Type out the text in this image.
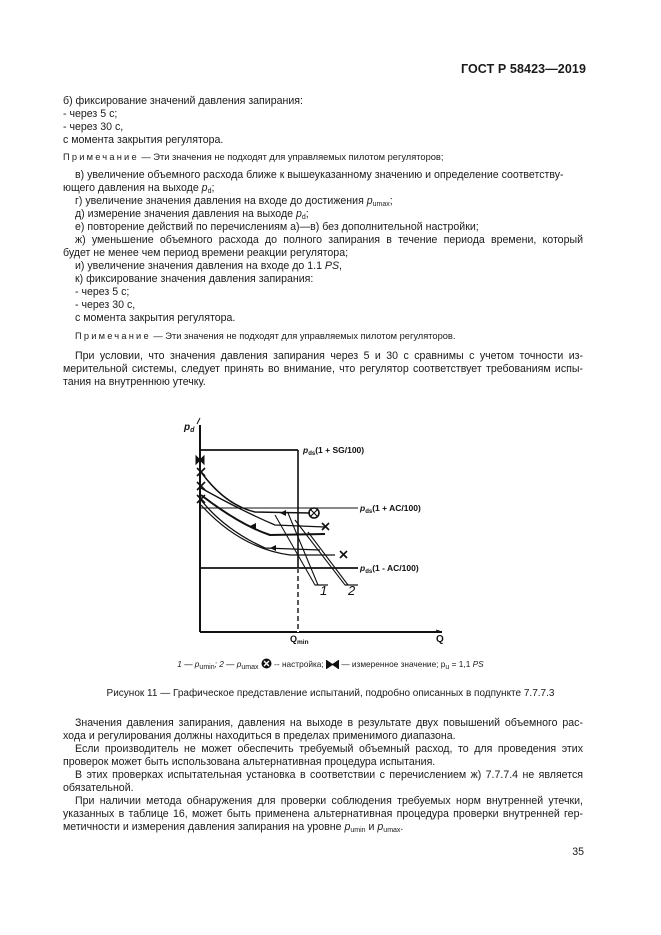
ГОСТ Р 58423—2019
б) фиксирование значений давления запирания:
- через 5 с;
- через 30 с,
с момента закрытия регулятора.
Примечание — Эти значения не подходят для управляемых пилотом регуляторов;
в) увеличение объемного расхода ближе к вышеуказанному значению и определение соответству-
ющего давления на выходе $p_d$;
г) увеличение значения давления на входе до достижения $p_{umax}$;
д) измерение значения давления на выходе $p_d$;
е) повторение действий по перечислениям а)—в) без дополнительной настройки;
ж) уменьшение объемного расхода до полного запирания в течение периода времени, который
будет не менее чем период времени реакции регулятора;
и) увеличение значения давления на входе до 1.1 PS,
к) фиксирование значения давления запирания:
- через 5 с;
- через 30 с,
с момента закрытия регулятора.
Примечание — Эти значения не подходят для управляемых пилотом регуляторов.
При условии, что значения давления запирания через 5 и 30 с сравнимы с учетом точности из-
мерительной системы, следует принять во внимание, что регулятор соответствует требованиям испы-
тания на внутреннюю утечку.
$p_d$
$p_{ds}(1 + SG/100)$
$p_{ds}(1 + AC/100)$
$p_{ds}(1 - AC/100)$
1 2
$Q_{min}$	Q
1 — $p_{umin}$; 2 — $p_{umax}$ -- настройка; — измеренное значение; $p_u = 1,1$ PS
Рисунок 11 — Графическое представление испытаний, подробно описанных в подпункте 7.7.7.3
Значения давления запирания, давления на выходе в результате двух повышений объемного рас-
хода и регулирования должны находиться в пределах применимого диапазона.
Если производитель не может обеспечить требуемый объемный расход, то для проведения этих
проверок может быть использована альтернативная процедура испытания.
В этих проверках испытательная установка в соответствии с перечислением ж) 7.7.7.4 не является
обязательной.
При наличии метода обнаружения для проверки соблюдения требуемых норм внутренней утечки,
указанных в таблице 16, может быть применена альтернативная процедура проверки внутренней гер-
метичности и измерения давления запирания на уровне $p_{umin}$ и $p_{umax}$.
35
